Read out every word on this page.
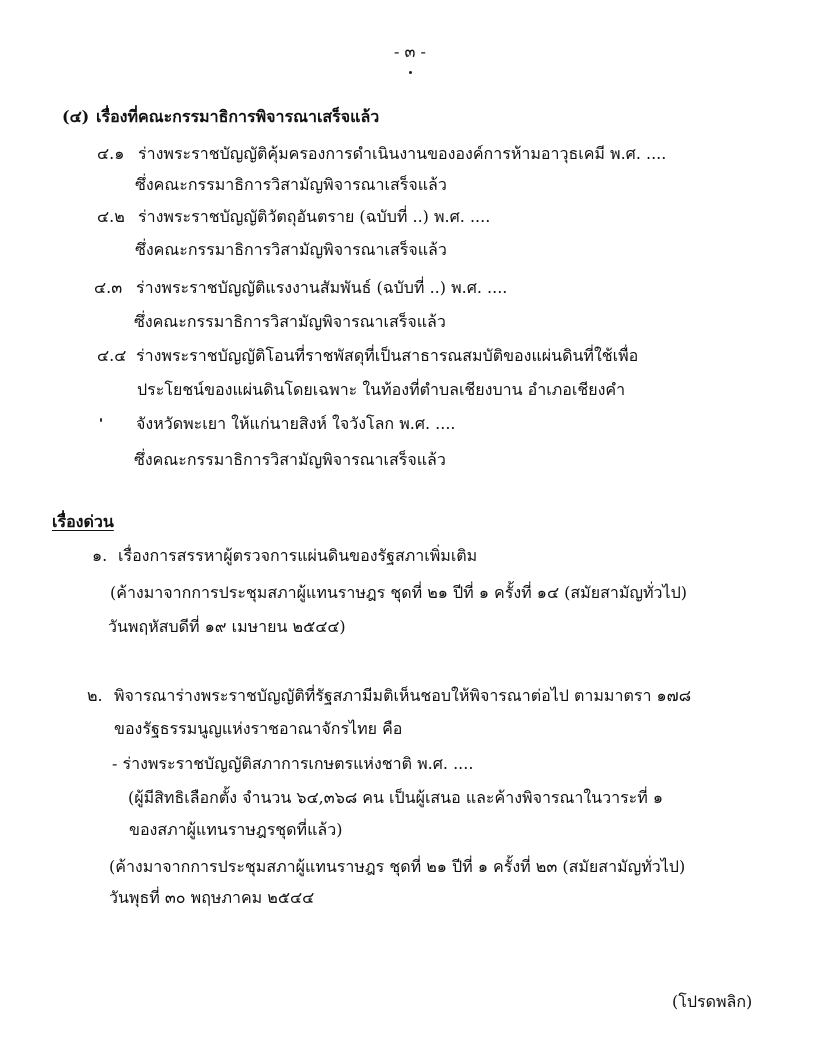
- ๓ -
(๔) เรื่องที่คณะกรรมาธิการพิจารณาเสร็จแล้ว
๔.๑ ร่างพระราชบัญญัติคุ้มครองการดำเนินงานขององค์การห้ามอาวุธเคมี พ.ศ. ....
ซึ่งคณะกรรมาธิการวิสามัญพิจารณาเสร็จแล้ว
๔.๒ ร่างพระราชบัญญัติวัตถุอันตราย (ฉบับที่ ..) พ.ศ. ....
ซึ่งคณะกรรมาธิการวิสามัญพิจารณาเสร็จแล้ว
๔.๓ ร่างพระราชบัญญัติแรงงานสัมพันธ์ (ฉบับที่ ..) พ.ศ. ....
ซึ่งคณะกรรมาธิการวิสามัญพิจารณาเสร็จแล้ว
๔.๔ ร่างพระราชบัญญัติโอนที่ราชพัสดุที่เป็นสาธารณสมบัติของแผ่นดินที่ใช้เพื่อ
ประโยชน์ของแผ่นดินโดยเฉพาะ ในท้องที่ตำบลเชียงบาน อำเภอเชียงคำ
จังหวัดพะเยา ให้แก่นายสิงห์ ใจวังโลก พ.ศ. ....
ซึ่งคณะกรรมาธิการวิสามัญพิจารณาเสร็จแล้ว
เรื่องด่วน
๑. เรื่องการสรรหาผู้ตรวจการแผ่นดินของรัฐสภาเพิ่มเติม
(ค้างมาจากการประชุมสภาผู้แทนราษฎร ชุดที่ ๒๑ ปีที่ ๑ ครั้งที่ ๑๔ (สมัยสามัญทั่วไป)
วันพฤหัสบดีที่ ๑๙ เมษายน ๒๕๔๔)
๒. พิจารณาร่างพระราชบัญญัติที่รัฐสภามีมติเห็นชอบให้พิจารณาต่อไป ตามมาตรา ๑๗๘
ของรัฐธรรมนูญแห่งราชอาณาจักรไทย คือ
- ร่างพระราชบัญญัติสภาการเกษตรแห่งชาติ พ.ศ. ....
(ผู้มีสิทธิเลือกตั้ง จำนวน ๖๔,๓๖๘ คน เป็นผู้เสนอ และค้างพิจารณาในวาระที่ ๑
ของสภาผู้แทนราษฎรชุดที่แล้ว)
(ค้างมาจากการประชุมสภาผู้แทนราษฎร ชุดที่ ๒๑ ปีที่ ๑ ครั้งที่ ๒๓ (สมัยสามัญทั่วไป)
วันพุธที่ ๓๐ พฤษภาคม ๒๕๔๔
(โปรดพลิก)
